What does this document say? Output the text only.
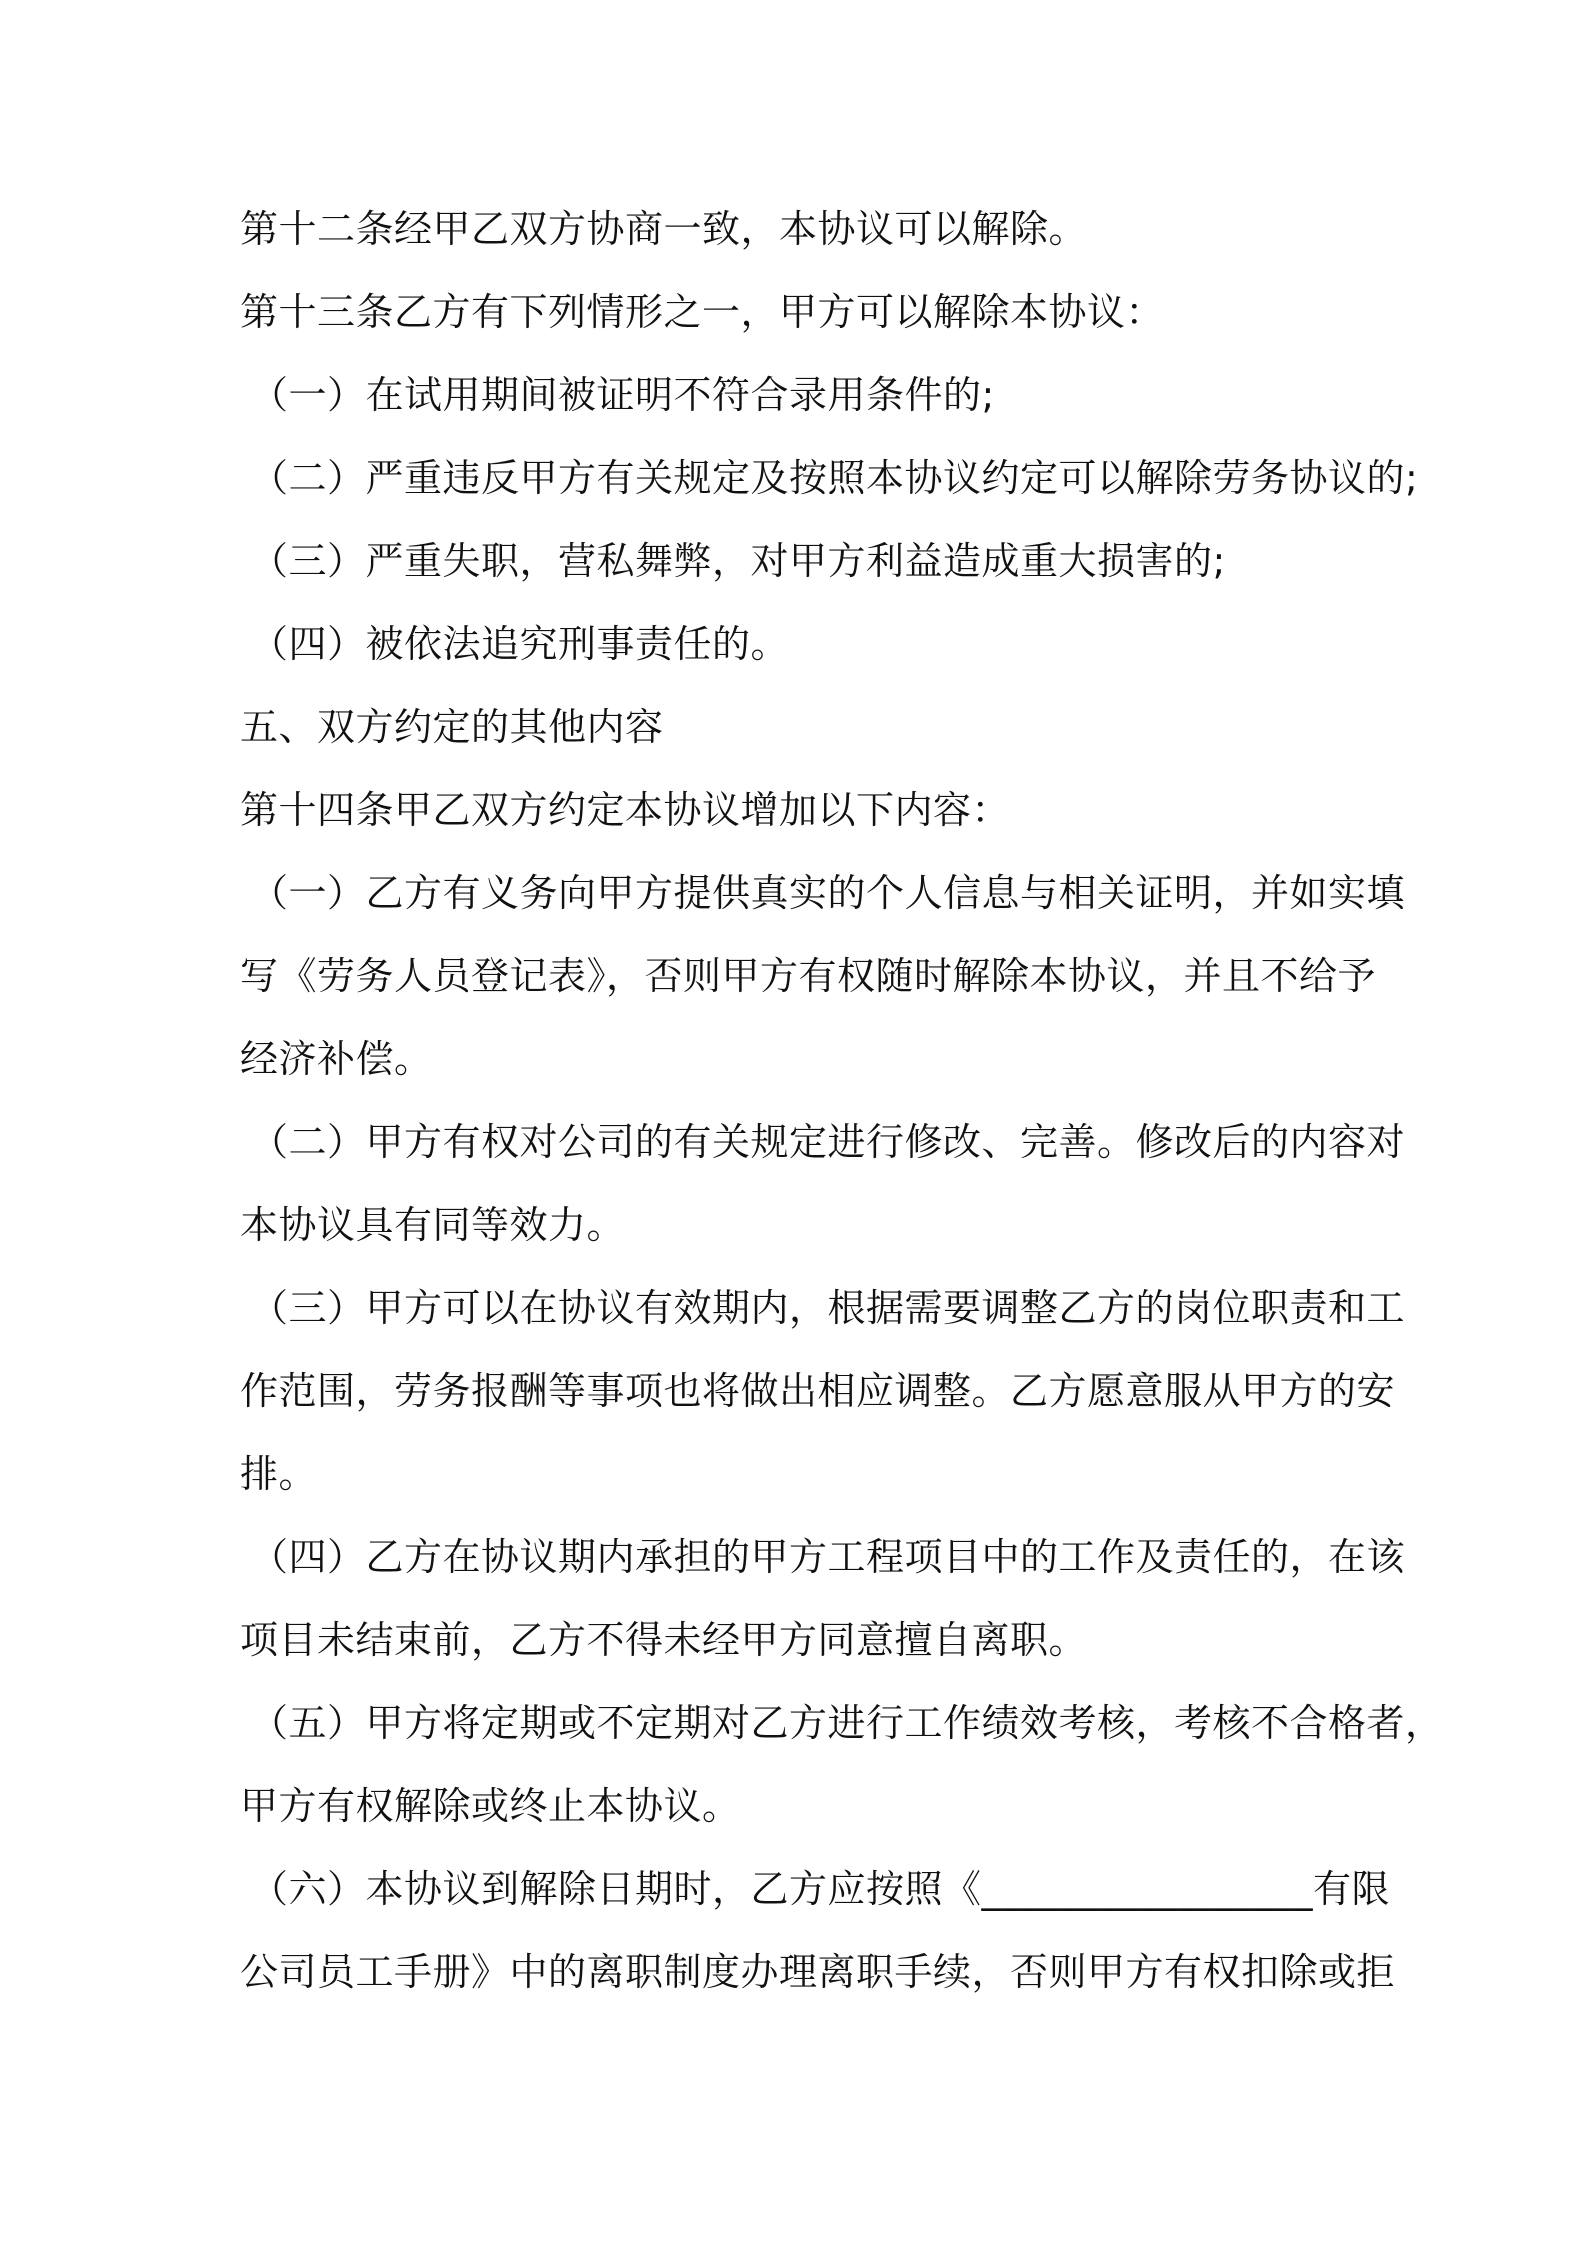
第十二条经甲乙双方协商一致，本协议可以解除。
第十三条乙方有下列情形之一，甲方可以解除本协议：
（一）在试用期间被证明不符合录用条件的;
（二）严重违反甲方有关规定及按照本协议约定可以解除劳务协议的;
（三）严重失职，营私舞弊，对甲方利益造成重大损害的;
（四）被依法追究刑事责任的。
五、双方约定的其他内容
第十四条甲乙双方约定本协议增加以下内容：
（一）乙方有义务向甲方提供真实的个人信息与相关证明，并如实填
写《劳务人员登记表》，否则甲方有权随时解除本协议，并且不给予
经济补偿。
（二）甲方有权对公司的有关规定进行修改、完善。修改后的内容对
本协议具有同等效力。
（三）甲方可以在协议有效期内，根据需要调整乙方的岗位职责和工
作范围，劳务报酬等事项也将做出相应调整。乙方愿意服从甲方的安
排。
（四）乙方在协议期内承担的甲方工程项目中的工作及责任的，在该
项目未结束前，乙方不得未经甲方同意擅自离职。
（五）甲方将定期或不定期对乙方进行工作绩效考核，考核不合格者，
甲方有权解除或终止本协议。
（六）本协议到解除日期时，乙方应按照《_________________有限
公司员工手册》中的离职制度办理离职手续，否则甲方有权扣除或拒
